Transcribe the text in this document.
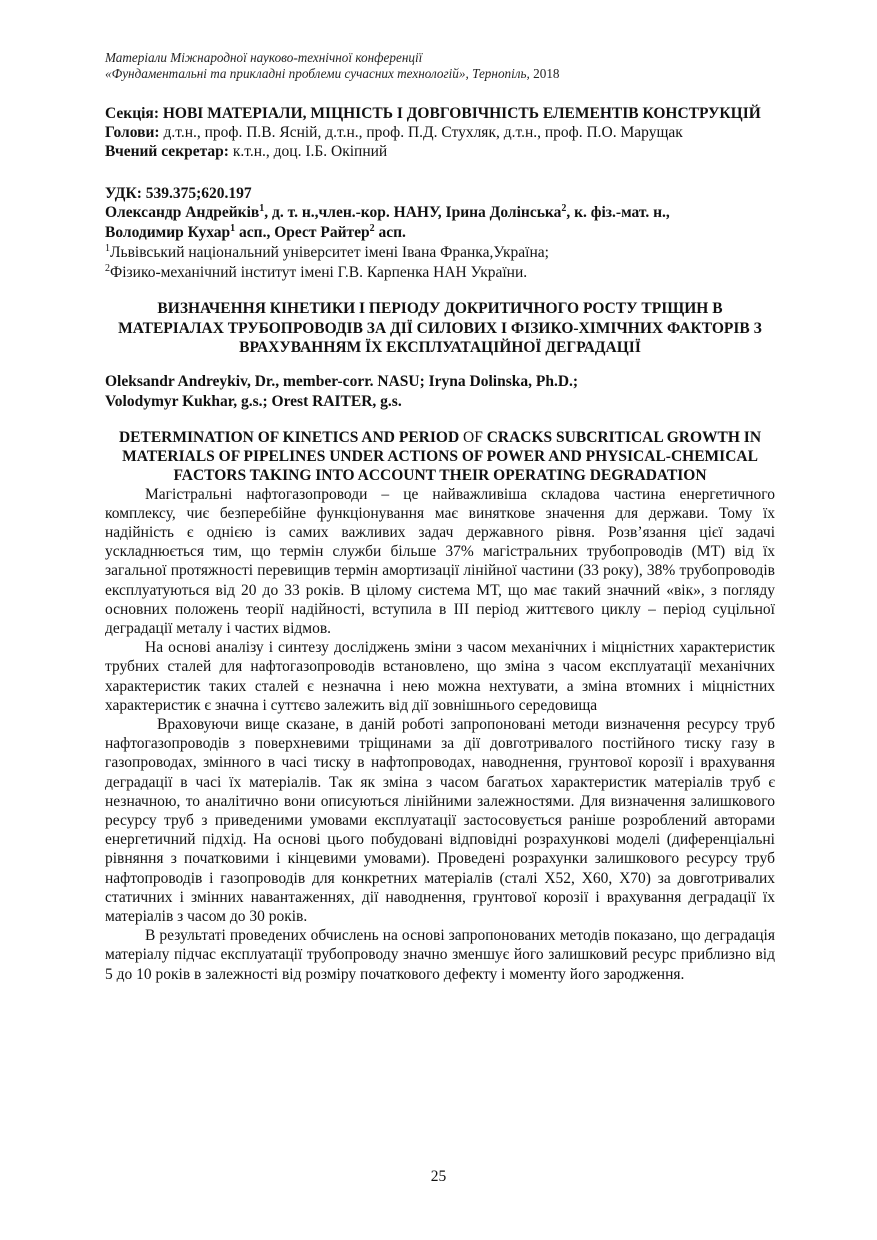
Матеріали Міжнародної науково-технічної конференції
«Фундаментальні та прикладні проблеми сучасних технологій», Тернопіль, 2018
Секція: НОВІ МАТЕРІАЛИ, МІЦНІСТЬ І ДОВГОВІЧНІСТЬ ЕЛЕМЕНТІВ КОНСТРУКЦІЙ
Голови: д.т.н., проф. П.В. Ясній, д.т.н., проф. П.Д. Стухляк, д.т.н., проф. П.О. Марущак
Вчений секретар: к.т.н., доц. І.Б. Окіпний
УДК: 539.375;620.197
Олександр Андрейків$^1$, д. т. н.,член.-кор. НАНУ, Ірина Долінська$^2$, к. фіз.-мат. н.,
Володимир Кухар$^1$ асп., Орест Райтер$^2$ асп.
$^1$Львівський національний університет імені Івана Франка,Україна;
$^2$Фізико-механічний інститут імені Г.В. Карпенка НАН України.
ВИЗНАЧЕННЯ КІНЕТИКИ І ПЕРІОДУ ДОКРИТИЧНОГО РОСТУ ТРІЩИН В МАТЕРІАЛАХ ТРУБОПРОВОДІВ ЗА ДІЇ СИЛОВИХ І ФІЗИКО-ХІМІЧНИХ ФАКТОРІВ З ВРАХУВАННЯМ ЇХ ЕКСПЛУАТАЦІЙНОЇ ДЕГРАДАЦІЇ
Oleksandr Andreykiv, Dr., member-corr. NASU; Iryna Dolinska, Ph.D.;
Volodymyr Kukhar, g.s.; Orest RAITER, g.s.
DETERMINATION OF KINETICS AND PERIOD OF CRACKS SUBCRITICAL GROWTH IN MATERIALS OF PIPELINES UNDER ACTIONS OF POWER AND PHYSICAL-CHEMICAL FACTORS TAKING INTO ACCOUNT THEIR OPERATING DEGRADATION

Магістральні нафтогазопроводи – це найважливіша складова частина енергетичного комплексу, чиє безперебійне функціонування має виняткове значення для держави. Тому їх надійність є однією із самих важливих задач державного рівня. Розв’язання цієї задачі ускладнюється тим, що термін служби більше 37% магістральних трубопроводів (МТ) від їх загальної протяжності перевищив термін амортизації лінійної частини (33 року), 38% трубопроводів експлуатуються від 20 до 33 років. В цілому система МТ, що має такий значний «вік», з погляду основних положень теорії надійності, вступила в ІІІ період життєвого циклу – період суцільної деградації металу і частих відмов.

На основі аналізу і синтезу досліджень зміни з часом механічних і міцністних характеристик трубних сталей для нафтогазопроводів встановлено, що зміна з часом експлуатації механічних характеристик таких сталей є незначна і нею можна нехтувати, а зміна втомних і міцністних характеристик є значна і суттєво залежить від дії зовнішнього середовища

Враховуючи вище сказане, в даній роботі запропоновані методи визначення ресурсу труб нафтогазопроводів з поверхневими тріщинами за дії довготривалого постійного тиску газу в газопроводах, змінного в часі тиску в нафтопроводах, наводнення, грунтової корозії і врахування деградації в часі їх матеріалів. Так як зміна з часом багатьох характеристик матеріалів труб є незначною, то аналітично вони описуються лінійними залежностями. Для визначення залишкового ресурсу труб з приведеними умовами експлуатації застосовується раніше розроблений авторами енергетичний підхід. На основі цього побудовані відповідні розрахункові моделі (диференціальні рівняння з початковими і кінцевими умовами). Проведені розрахунки залишкового ресурсу труб нафтопроводів і газопроводів для конкретних матеріалів (сталі Х52, Х60, Х70) за довготривалих статичних і змінних навантаженнях, дії наводнення, грунтової корозії і врахування деградації їх матеріалів з часом до 30 років.

В результаті проведених обчислень на основі запропонованих методів показано, що деградація матеріалу підчас експлуатації трубопроводу значно зменшує його залишковий ресурс приблизно від 5 до 10 років в залежності від розміру початкового дефекту і моменту його зародження.

25
